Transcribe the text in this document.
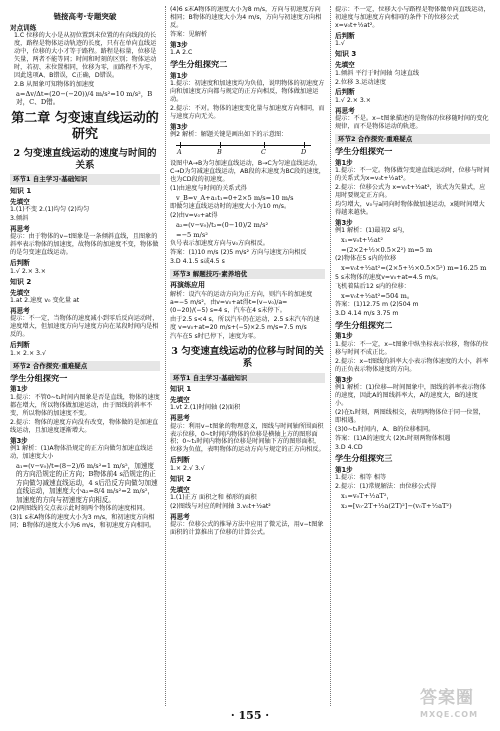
链接高考·专题突破
对点训练

1.C 位移的大小是从初位置到末位置的有向线段的长度，路程是物体运动轨迹的长度，只有在单向直线运动中，位移的大小才等于路程。路程是标量，位移是矢量，两者不能等同；时间和时刻的区别；物体运动时，若初、末位置相同，位移为零，而路程不为零，因此选项A、B错误，C正确，D错误。

2.B 从图象可知物体的加速度

a=Δv/Δt=(20−(−20))/4 m/s²=10 m/s²，B对，C、D错。

第二章 匀变速直线运动的研究
2 匀变速直线运动的速度与时间的关系
环节1 自主学习·基础知识
知识 1
先填空

1.(1)不变 2.(1)均匀 (2)均匀

3.倾斜

再思考

提示：由于物体的v−t图象是一条倾斜直线，且图象的斜率表示物体的加速度，故物体的加速度不变，物体做的是匀变速直线运动。

后判断

1.√ 2.× 3.×

知识 2
先填空

1.at 2.速度 v₀ 变化量 at

再思考

提示：不一定，当物体的速度减小到零后反向运动时，速度增大，但加速度方向与速度方向在某段时间内是相反的。

后判断

1.× 2.× 3.√

环节2 合作探究·重难疑点
学生分组探究一
第1步

1.提示：不管0~t₁时间内图象是否是直线，物体的速度都在增大，所以物体做加速运动，由于图线的斜率不变，所以物体的加速度不变。

2.提示：物体的速度方向没有改变，物体做的是加速直线运动，且加速度逐渐增大。

第3步

例1 解析：(1)A物体沿规定的正方向做匀加速直线运动，加速度大小

a₁=(v−v₀)/t=(8−2)/6 m/s²=1 m/s²，加速度的方向沿规定的正方向；B物体前4 s沿规定的正方向做匀减速直线运动，4 s后沿反方向做匀加速直线运动，加速度大小a₂=8/4 m/s²=2 m/s²，加速度的方向与初速度方向相反。

(2)两图线的交点表示此时刻两个物体的速度相同。

(3)1 s末A物体的速度大小为3 m/s，和初速度方向相同；B物体的速度大小为6 m/s，和初速度方向相同。

(4)6 s末A物体的速度大小为8 m/s，方向与初速度方向相同；B物体的速度大小为4 m/s，方向与初速度方向相反。

答案：见解析

第3步

1.A 2.C

学生分组探究二
第1步

1.提示：初速度和加速度均为负值，说明物体的初速度方向和加速度方向都与规定的正方向相反，物体做加速运动。

2.提示：不对。物体的速度变化量与加速度方向相同，而与速度方向无关。

第3步

例2 解析：解题关键是画出如下的示意图：

A	B	C	D

设图中A→B为匀加速直线运动，B→C为匀速直线运动，C→D为匀减速直线运动，AB段的末速度为BC段的速度，也为CD段的初速度。

(1)由速度与时间的关系式得

v_B=v_A+a₁t₁=0+2×5 m/s=10 m/s

即做匀速直线运动时的速度大小为10 m/s。

(2)由v=v₀+at得

a₂=(v−v₀)/t₂=(0−10)/2 m/s²

=−5 m/s²

负号表示加速度方向与v₀方向相反。

答案：(1)10 m/s (2)5 m/s² 方向与速度方向相反

3.D 4.1.5 s或4.5 s

环节3 解题技巧·素养培优
再演练应用

解析：设汽车的运动方向为正方向，则汽车的加速度 a=−5 m/s²，由v=v₀+at得t=(v−v₀)/a=(0−20)/(−5) s=4 s，汽车在4 s末停下。

由于2.5 s<4 s，所以汽车仍在运动，2.5 s末汽车的速度 v=v₀+at=20 m/s+(−5)×2.5 m/s=7.5 m/s

汽车在5 s时已停下，速度为零。

3 匀变速直线运动的位移与时间的关系
环节1 自主学习·基础知识
知识 1
先填空

1.vt 2.(1)时间轴 (2)面积

再思考

提示：利用v−t图象的物理意义，图线与时间轴所围面积表示位移，0~t时间内物体的位移是横轴上方的图形面积；0~t₁时间内物体的位移是时间轴下方的图形面积，位移为负值，表明物体的运动方向与规定的正方向相反。

后判断

1.× 2.√ 3.√

知识 2
先填空

1.(1)正方 面积之和 梯形的面积

(2)图线与对应的时间轴 3.v₀t+½at²

再思考

提示：位移公式的推导方法中应用了微元法，用v−t图象面积的计算推出了位移的计算公式。

提示：不一定，位移大小与路程是物体做单向直线运动，初速度与加速度方向相同的条件下的位移公式x=v₀t+½at²。

后判断

1.√

知识 3
先填空

1.倾斜 平行于时间轴 匀速直线

2.位移 3.运动速度

后判断

1.√ 2.× 3.×

再思考

提示：不是。x−t图象描述的是物体的位移随时间的变化规律，而不是物体运动的轨迹。

环节2 合作探究·重难疑点
学生分组探究一
第1步

1.提示：不一定。物体做匀变速直线运动时，位移与时间的关系式为x=v₀t+½at²。

2.提示：位移公式为 x=v₀t+½at²，该式为矢量式，应用时要规定正方向。

均匀增大，v₀与a同向时物体做加速运动，x随时间增大得越来越快。

第3步

例1 解析：(1)最初2 s内，

x₁=v₀t+½at²

=(2×2+½×0.5×2²) m=5 m

(2)物体在5 s内的位移

x=v₀t+½at²=(2×5+½×0.5×5²) m=16.25 m

5 s末物体的速度v=v₀+at=4.5 m/s。

飞机着陆后12 s内的位移：

x=v₀t+½at²=504 m。

答案：(1)12.75 m (2)504 m

3.D 4.14 m/s 3.75 m

学生分组探究二
第1步

1.提示：不一定，x−t图象中纵坐标表示位移，物体的位移与时间不成正比。

2.提示：x−t图线的斜率大小表示物体速度的大小，斜率的正负表示物体速度的方向。

第3步

例1 解析：(1)位移—时间图象中，图线的斜率表示物体的速度，因此A的图线斜率大，A的速度大，B的速度小。

(2)在t₁时刻，两图线相交，表明两物体位于同一位置，即相遇。

(3)0~t₁时间内，A、B的位移相同。

答案：(1)A的速度大 (2)t₁时刻两物体相遇

3.D 4.CD

学生分组探究三
第1步

1.提示：相等 相等

2.提示：(1)常规解法：由位移公式得

x₁=v₀T+½aT²，

x₂=[v₀·2T+½a(2T)²]−(v₀T+½aT²)

· 155 ·
答案圈
MXQE.COM
